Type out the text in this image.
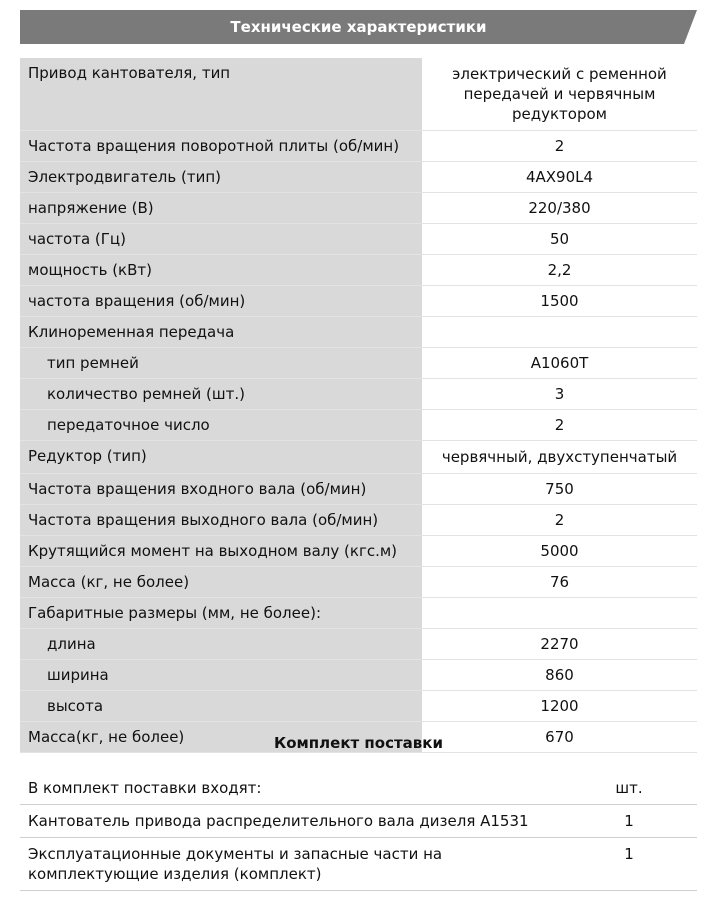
Технические характеристики
Привод кантователя, тип	электрический с ременной передачей и червячным редуктором
Частота вращения поворотной плиты (об/мин)	2
Электродвигатель (тип)	4АХ90L4
напряжение (В)	220/380
частота (Гц)	50
мощность (кВт)	2,2
частота вращения (об/мин)	1500
Клиноременная передача	
тип ремней	А1060Т
количество ремней (шт.)	3
передаточное число	2
Редуктор (тип)	червячный, двухступенчатый
Частота вращения входного вала (об/мин)	750
Частота вращения выходного вала (об/мин)	2
Крутящийся момент на выходном валу (кгс.м)	5000
Масса (кг, не более)	76
Габаритные размеры (мм, не более):	
длина	2270
ширина	860
высота	1200
Масса(кг, не более)	670
Комплект поставки
В комплект поставки входят:	шт.
Кантователь привода распределительного вала дизеля А1531	1
Эксплуатационные документы и запасные части на комплектующие изделия (комплект)	1
